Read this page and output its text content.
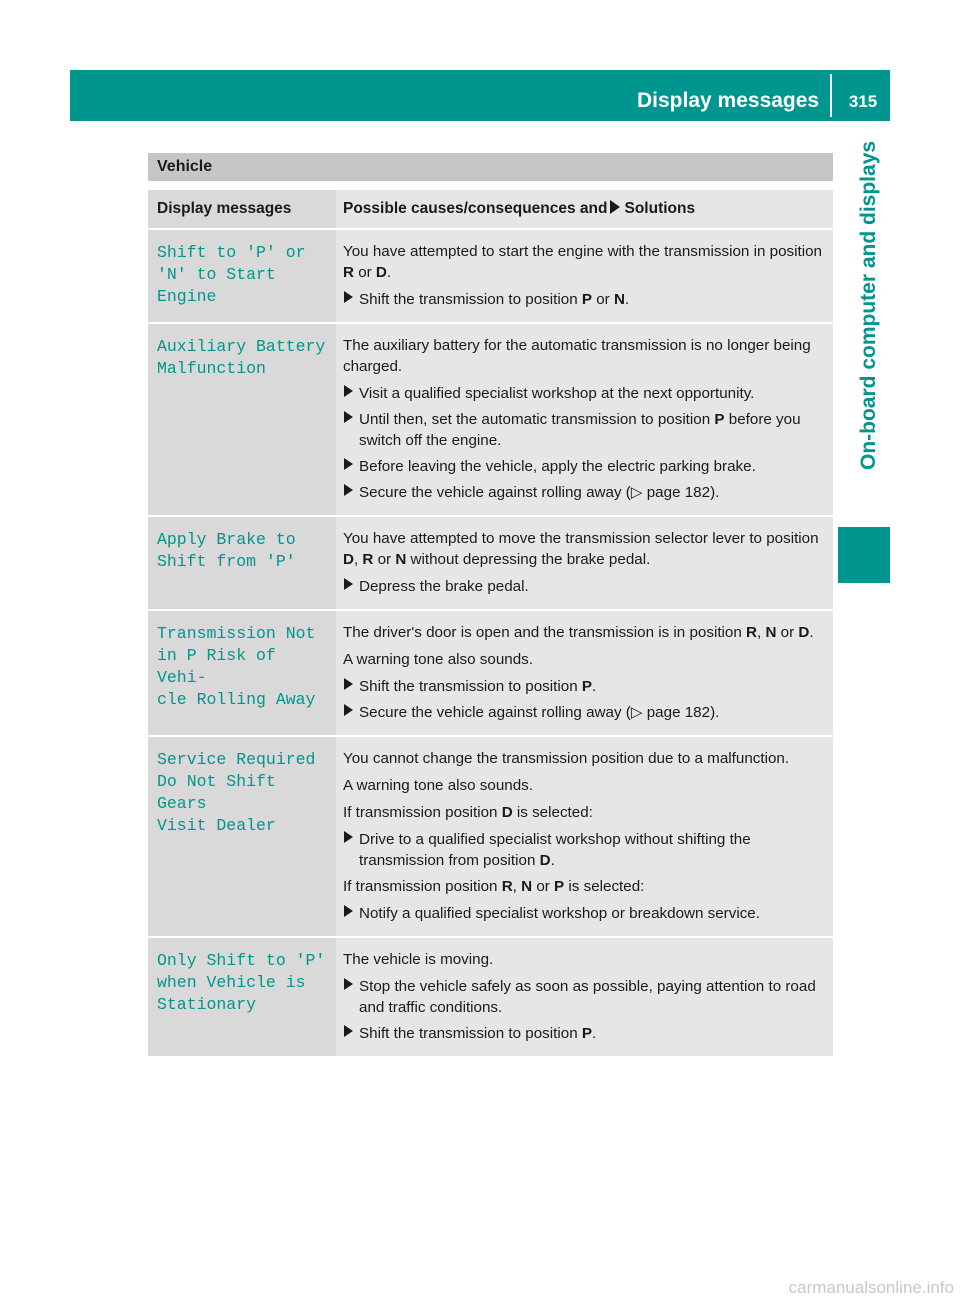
Display messages	315
On-board computer and displays
Vehicle
Display messages	Possible causes/consequences and Solutions
Shift to 'P' or
'N' to Start Engine
You have attempted to start the engine with the transmission in position R or D.
Shift the transmission to position P or N.
Auxiliary Battery
Malfunction
The auxiliary battery for the automatic transmission is no longer being charged.
Visit a qualified specialist workshop at the next opportunity.
Until then, set the automatic transmission to position P before you switch off the engine.
Before leaving the vehicle, apply the electric parking brake.
Secure the vehicle against rolling away (▷ page 182).
Apply Brake to
Shift from 'P'
You have attempted to move the transmission selector lever to position D, R or N without depressing the brake pedal.
Depress the brake pedal.
Transmission Not
in P Risk of Vehi‐
cle Rolling Away
The driver's door is open and the transmission is in position R, N or D.
A warning tone also sounds.
Shift the transmission to position P.
Secure the vehicle against rolling away (▷ page 182).
Service Required
Do Not Shift Gears
Visit Dealer
You cannot change the transmission position due to a malfunction.
A warning tone also sounds.
If transmission position D is selected:
Drive to a qualified specialist workshop without shifting the transmission from position D.
If transmission position R, N or P is selected:
Notify a qualified specialist workshop or breakdown service.
Only Shift to 'P'
when Vehicle is
Stationary
The vehicle is moving.
Stop the vehicle safely as soon as possible, paying attention to road and traffic conditions.
Shift the transmission to position P.
carmanualsonline.info
